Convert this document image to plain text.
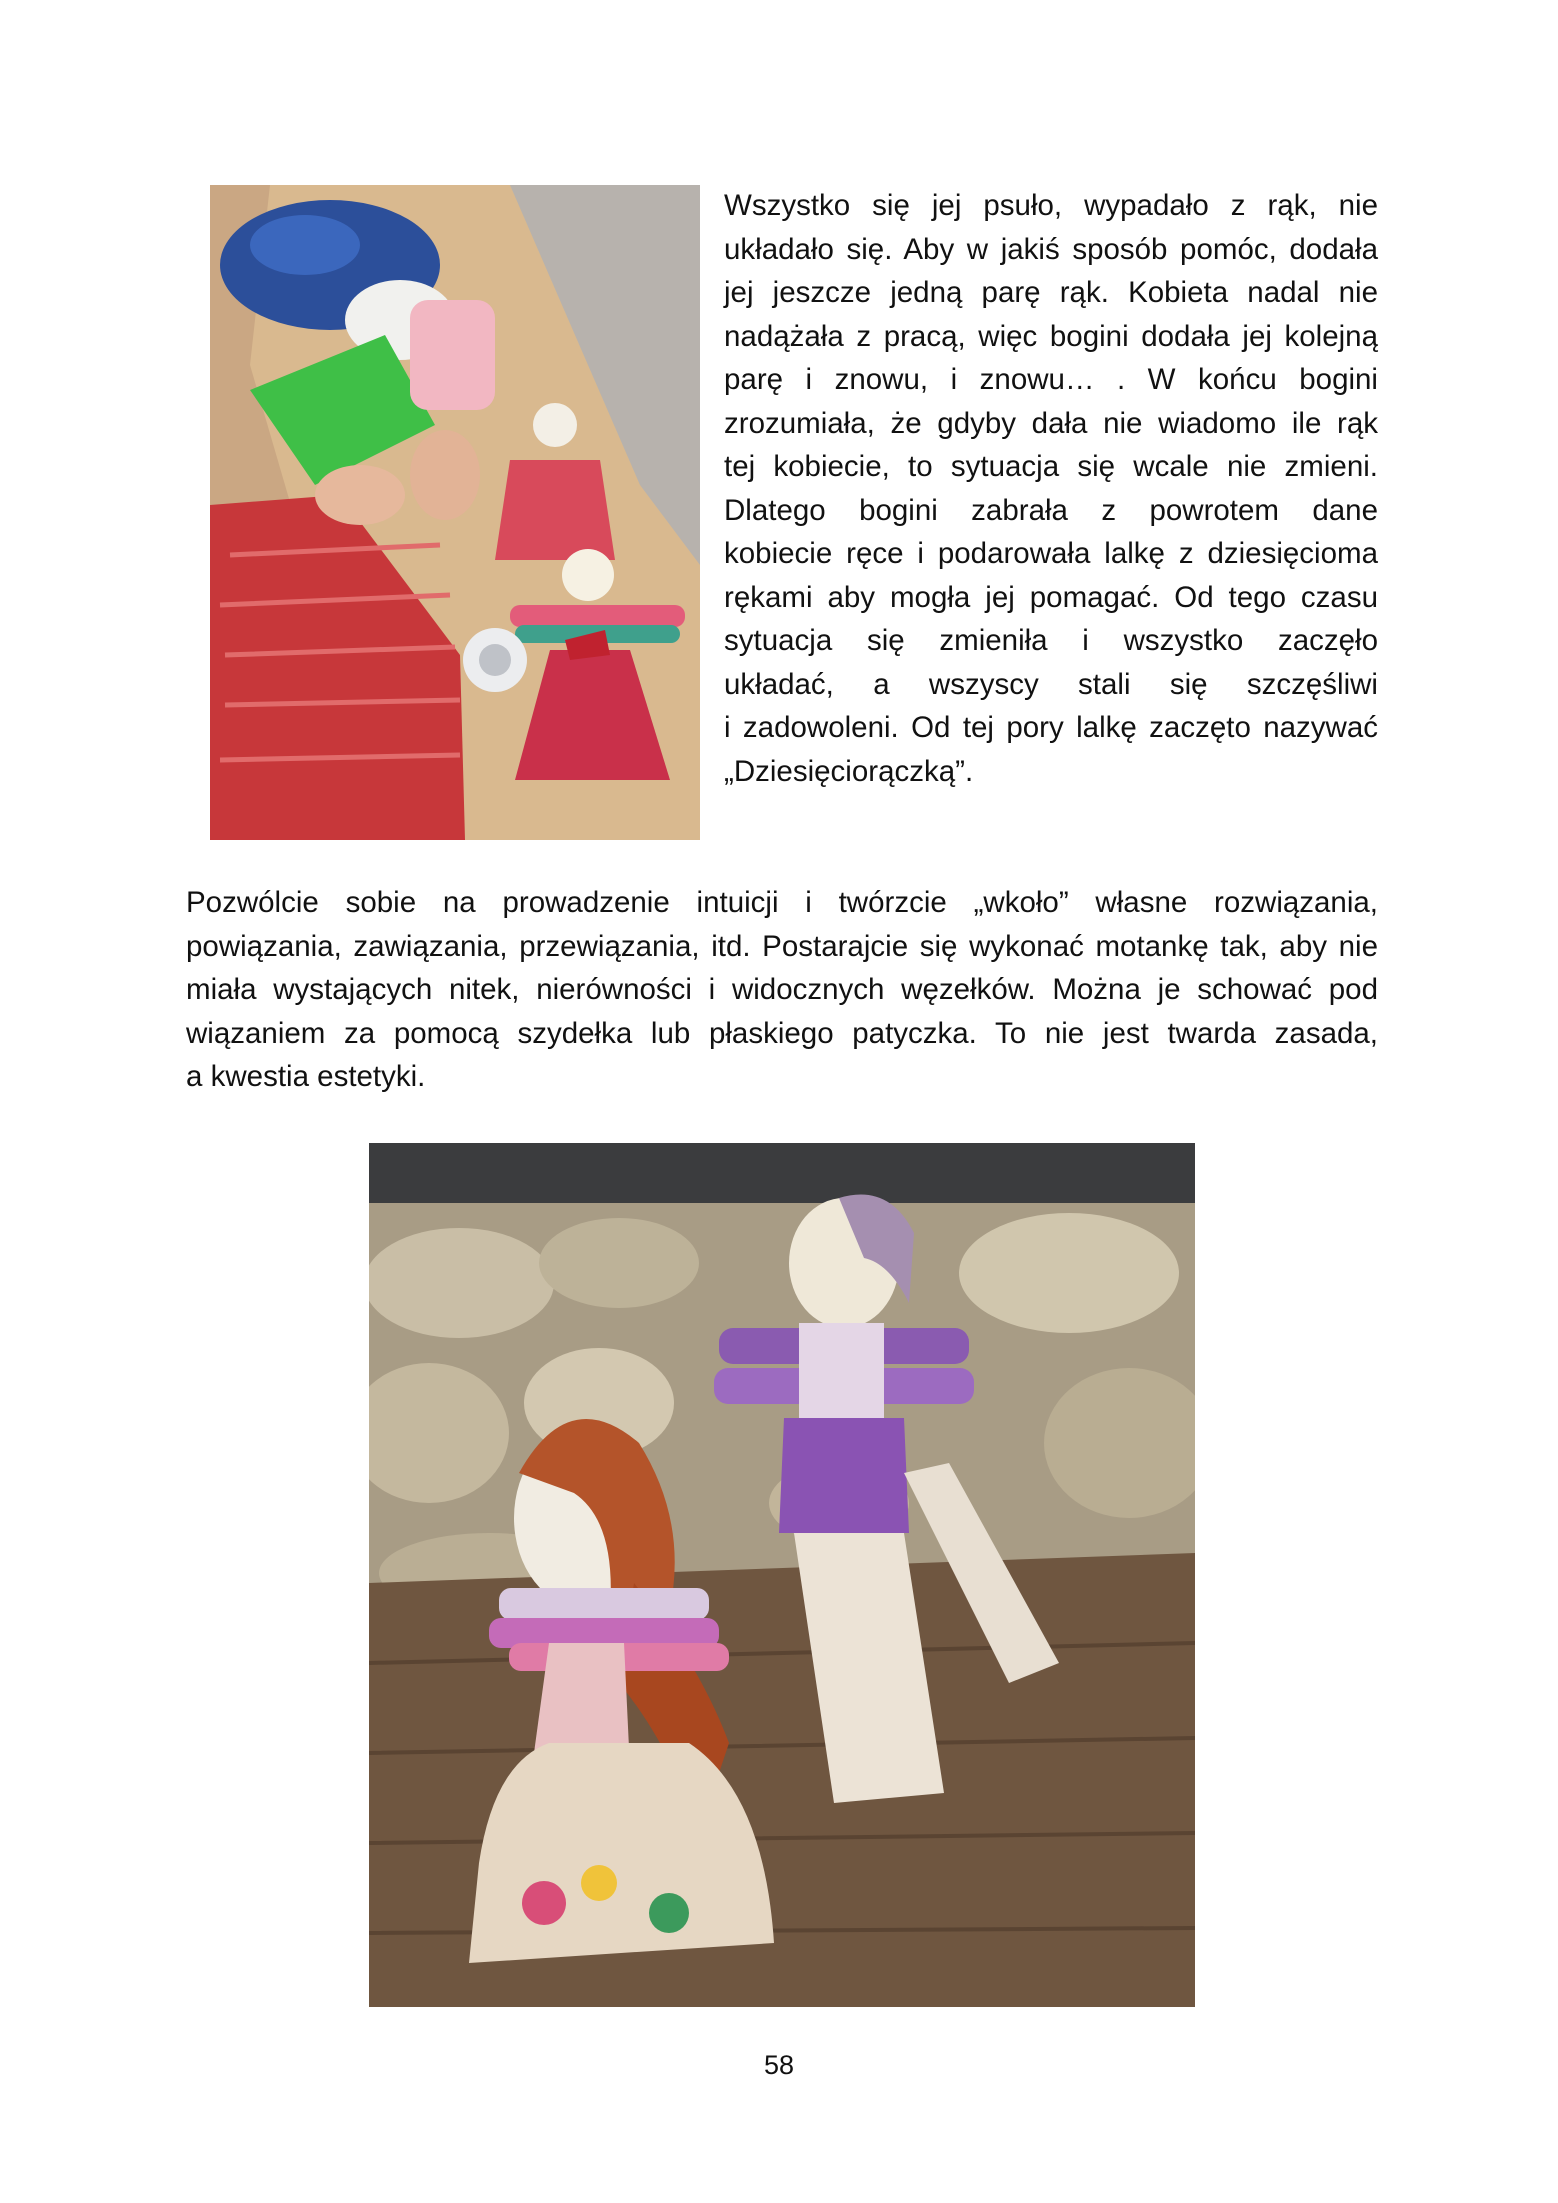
Wszystko się jej psuło, wypadało z rąk, nie
układało się. Aby w jakiś sposób pomóc, dodała
jej jeszcze jedną parę rąk. Kobieta nadal nie
nadążała z pracą, więc bogini dodała jej kolejną
parę i znowu, i znowu… . W końcu bogini
zrozumiała, że gdyby dała nie wiadomo ile rąk
tej kobiecie, to sytuacja się wcale nie zmieni.
Dlatego bogini zabrała z powrotem dane
kobiecie ręce i podarowała lalkę z dziesięcioma
rękami aby mogła jej pomagać. Od tego czasu
sytuacja się zmieniła i wszystko zaczęło
układać, a wszyscy stali się szczęśliwi
i zadowoleni. Od tej pory lalkę zaczęto nazywać
„Dziesięciorączką”.
Pozwólcie sobie na prowadzenie intuicji i twórzcie „wkoło” własne rozwiązania,
powiązania, zawiązania, przewiązania, itd. Postarajcie się wykonać motankę tak, aby nie
miała wystających nitek, nierówności i widocznych węzełków. Można je schować pod
wiązaniem za pomocą szydełka lub płaskiego patyczka. To nie jest twarda zasada,
a kwestia estetyki.
58
